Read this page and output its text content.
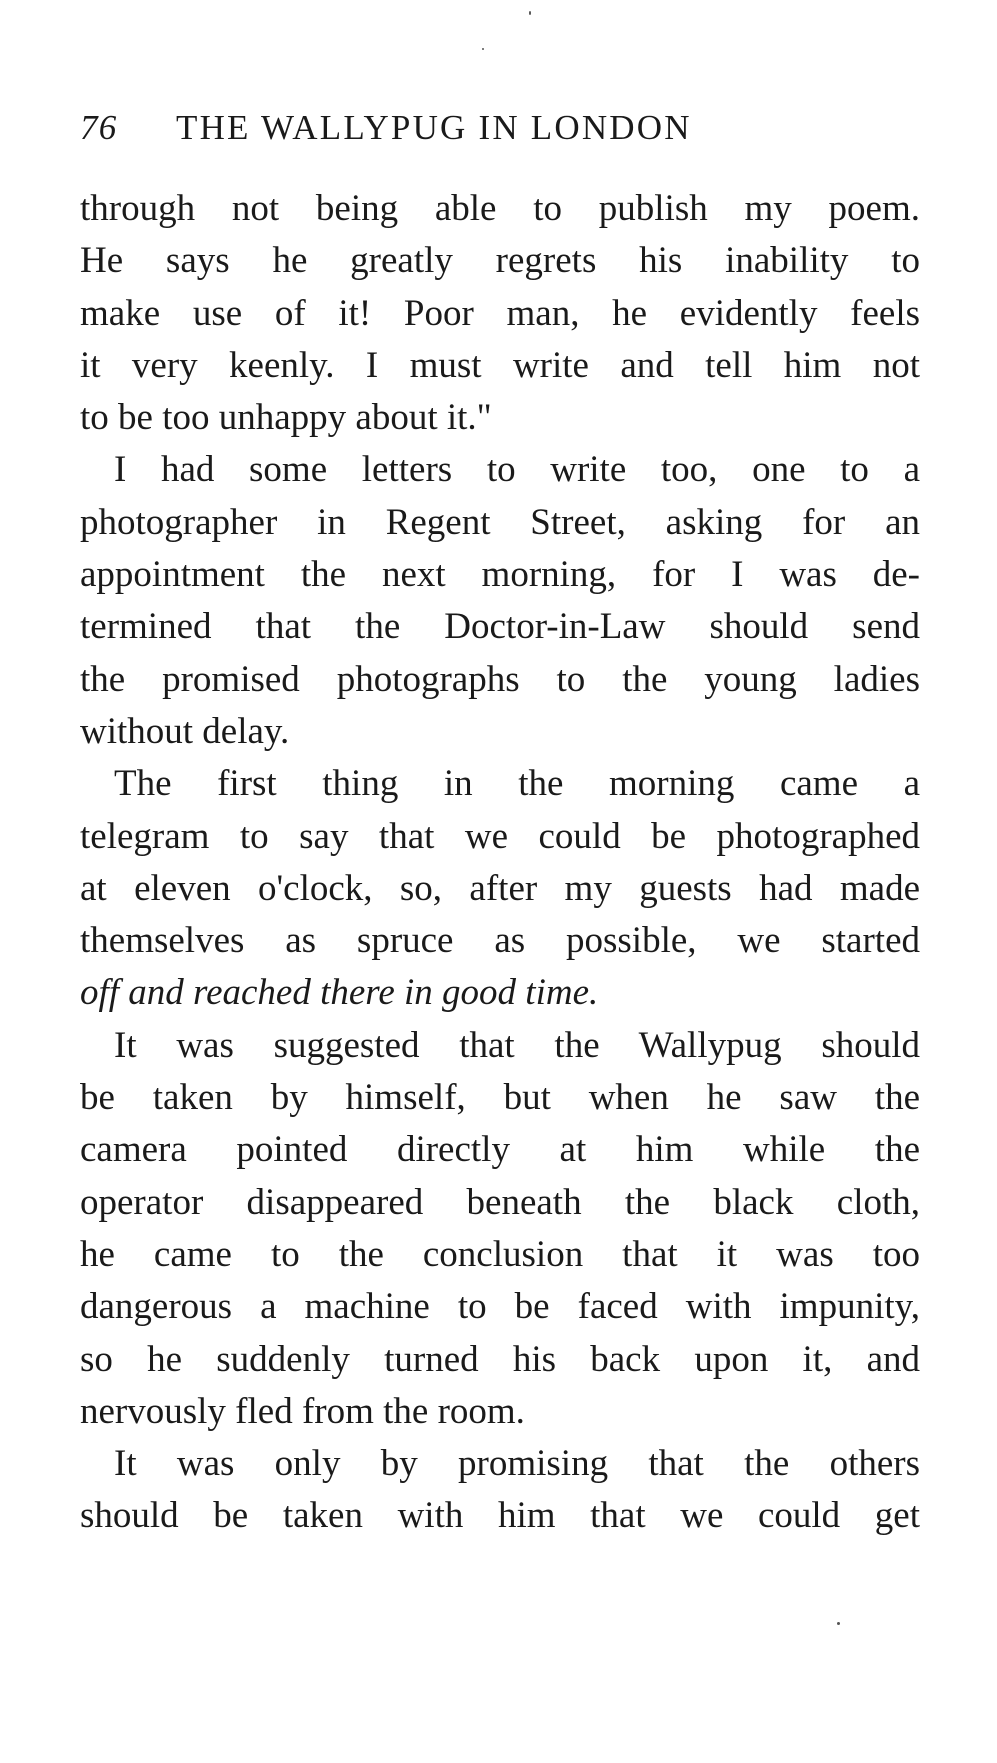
76 THE WALLYPUG IN LONDON
through not being able to publish my poem.
He says he greatly regrets his inability to
make use of it! Poor man, he evidently feels
it very keenly. I must write and tell him not
to be too unhappy about it."
I had some letters to write too, one to a
photographer in Regent Street, asking for an
appointment the next morning, for I was de-
termined that the Doctor-in-Law should send
the promised photographs to the young ladies
without delay.
The first thing in the morning came a
telegram to say that we could be photographed
at eleven o'clock, so, after my guests had made
themselves as spruce as possible, we started
off and reached there in good time.
It was suggested that the Wallypug should
be taken by himself, but when he saw the
camera pointed directly at him while the
operator disappeared beneath the black cloth,
he came to the conclusion that it was too
dangerous a machine to be faced with impunity,
so he suddenly turned his back upon it, and
nervously fled from the room.
It was only by promising that the others
should be taken with him that we could get
